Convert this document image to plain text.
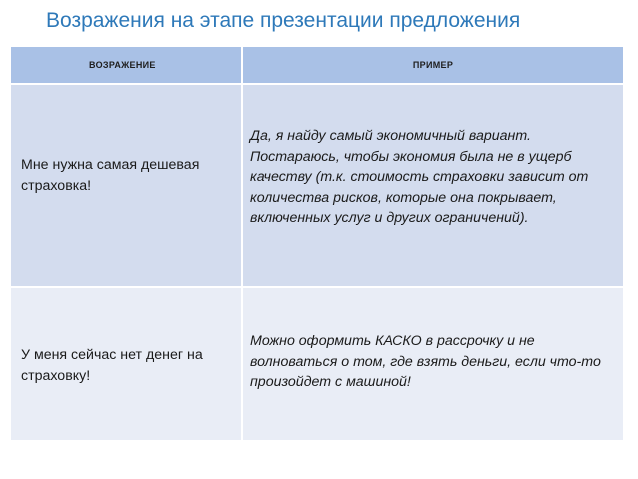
Возражения на этапе презентации предложения
ВОЗРАЖЕНИЕ	ПРИМЕР
Мне нужна самая дешевая страховка!
Да, я найду самый экономичный вариант. Постараюсь, чтобы экономия была не в ущерб качеству (т.к. стоимость страховки зависит от количества рисков, которые она покрывает, включенных услуг и других ограничений).
У меня сейчас нет денег на страховку!
Можно оформить КАСКО в рассрочку и не волноваться о том, где взять деньги, если что-то произойдет с машиной!
